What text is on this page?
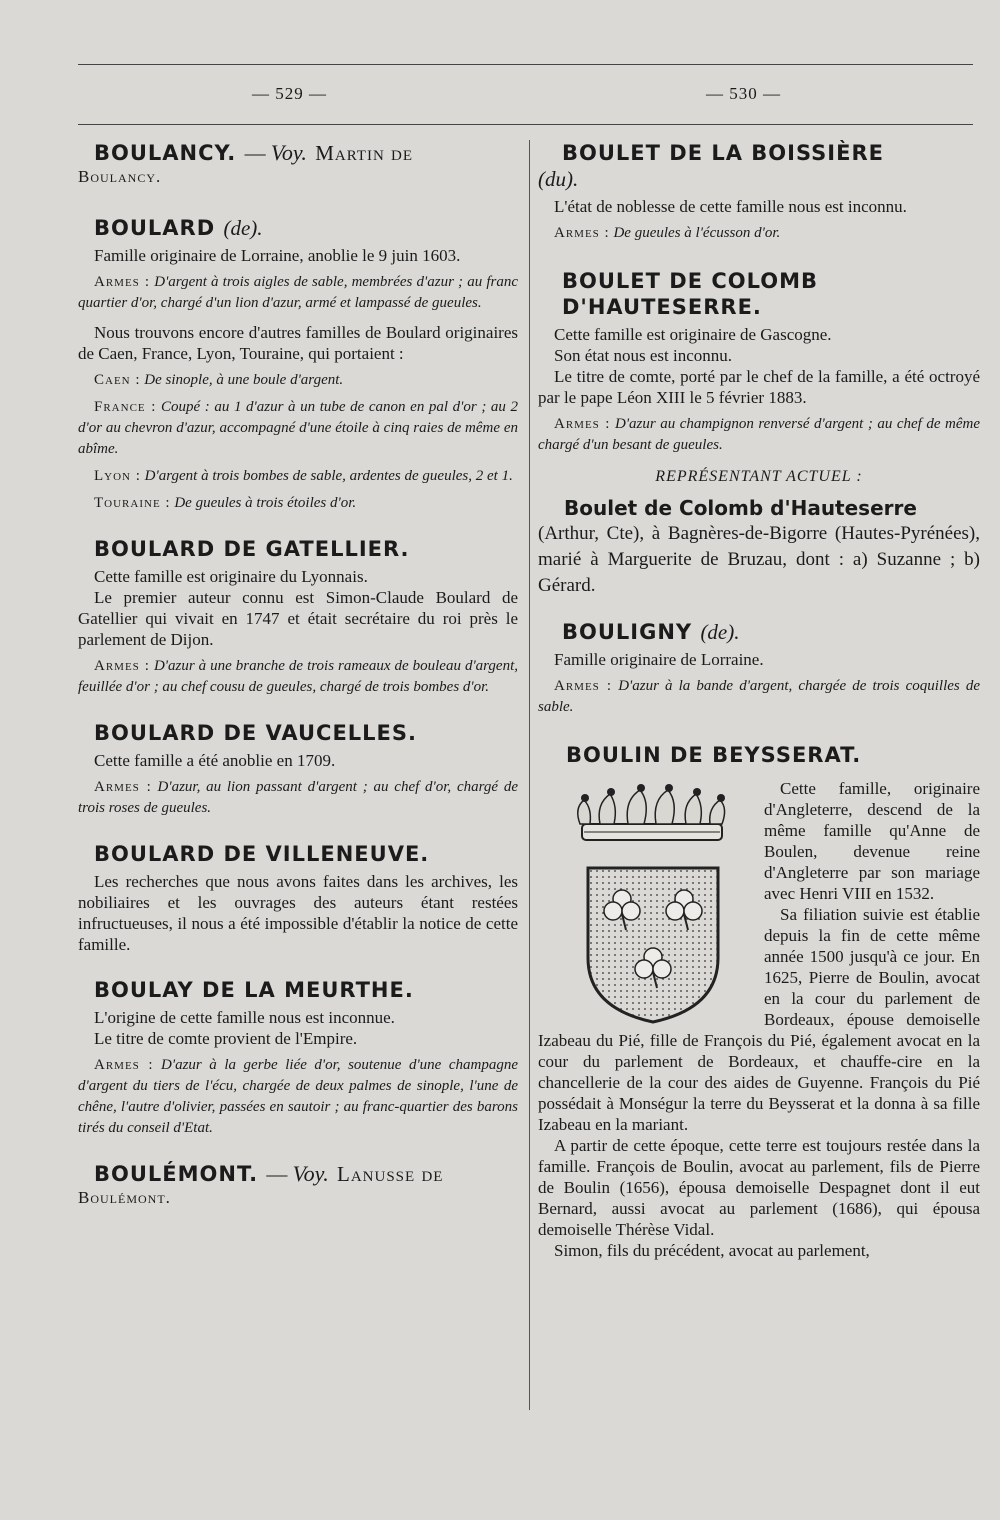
— 529 —	— 530 —
BOULANCY. — Voy. Martin de
Boulancy.
BOULARD (de).

Famille originaire de Lorraine, anoblie le 9 juin 1603.

Armes : D'argent à trois aigles de sable, membrées d'azur ; au franc quartier d'or, chargé d'un lion d'azur, armé et lampassé de gueules.

Nous trouvons encore d'autres familles de Boulard originaires de Caen, France, Lyon, Touraine, qui portaient :

Caen : De sinople, à une boule d'argent.

France : Coupé : au 1 d'azur à un tube de canon en pal d'or ; au 2 d'or au chevron d'azur, accompagné d'une étoile à cinq raies de même en abîme.

Lyon : D'argent à trois bombes de sable, ardentes de gueules, 2 et 1.

Touraine : De gueules à trois étoiles d'or.

BOULARD DE GATELLIER.

Cette famille est originaire du Lyonnais.

Le premier auteur connu est Simon-Claude Boulard de Gatellier qui vivait en 1747 et était secrétaire du roi près le parlement de Dijon.

Armes : D'azur à une branche de trois rameaux de bouleau d'argent, feuillée d'or ; au chef cousu de gueules, chargé de trois bombes d'or.

BOULARD DE VAUCELLES.

Cette famille a été anoblie en 1709.

Armes : D'azur, au lion passant d'argent ; au chef d'or, chargé de trois roses de gueules.

BOULARD DE VILLENEUVE.

Les recherches que nous avons faites dans les archives, les nobiliaires et les ouvrages des auteurs étant restées infructueuses, il nous a été impossible d'établir la notice de cette famille.

BOULAY DE LA MEURTHE.

L'origine de cette famille nous est inconnue.

Le titre de comte provient de l'Empire.

Armes : D'azur à la gerbe liée d'or, soutenue d'une champagne d'argent du tiers de l'écu, chargée de deux palmes de sinople, l'une de chêne, l'autre d'olivier, passées en sautoir ; au franc-quartier des barons tirés du conseil d'Etat.

BOULÉMONT. — Voy. Lanusse de
Boulémont.
BOULET DE LA BOISSIÈRE
(du).

L'état de noblesse de cette famille nous est inconnu.

Armes : De gueules à l'écusson d'or.

BOULET DE COLOMB D'HAUTESERRE.

Cette famille est originaire de Gascogne.

Son état nous est inconnu.

Le titre de comte, porté par le chef de la famille, a été octroyé par le pape Léon XIII le 5 février 1883.

Armes : D'azur au champignon renversé d'argent ; au chef de même chargé d'un besant de gueules.

REPRÉSENTANT ACTUEL :
Boulet de Colomb d'Hauteserre

(Arthur, Cte), à Bagnères-de-Bigorre (Hautes-Pyrénées), marié à Marguerite de Bruzau, dont : a) Suzanne ; b) Gérard.

BOULIGNY (de).

Famille originaire de Lorraine.

Armes : D'azur à la bande d'argent, chargée de trois coquilles de sable.

BOULIN DE BEYSSERAT.

Cette famille, originaire d'Angleterre, descend de la même famille qu'Anne de Boulen, devenue reine d'Angleterre par son mariage avec Henri VIII en 1532.

Sa filiation suivie est établie depuis la fin de cette même année 1500 jusqu'à ce jour. En 1625, Pierre de Boulin, avocat en la cour du parlement de Bordeaux, épouse demoiselle Izabeau du Pié, fille de François du Pié, également avocat en la cour du parlement de Bordeaux, et chauffe-cire en la chancellerie de la cour des aides de Guyenne. François du Pié possédait à Monségur la terre du Beysserat et la donna à sa fille Izabeau en la mariant.

A partir de cette époque, cette terre est toujours restée dans la famille. François de Boulin, avocat au parlement, fils de Pierre de Boulin (1656), épousa demoiselle Despagnet dont il eut Bernard, aussi avocat au parlement (1686), qui épousa demoiselle Thérèse Vidal.

Simon, fils du précédent, avocat au parlement,
